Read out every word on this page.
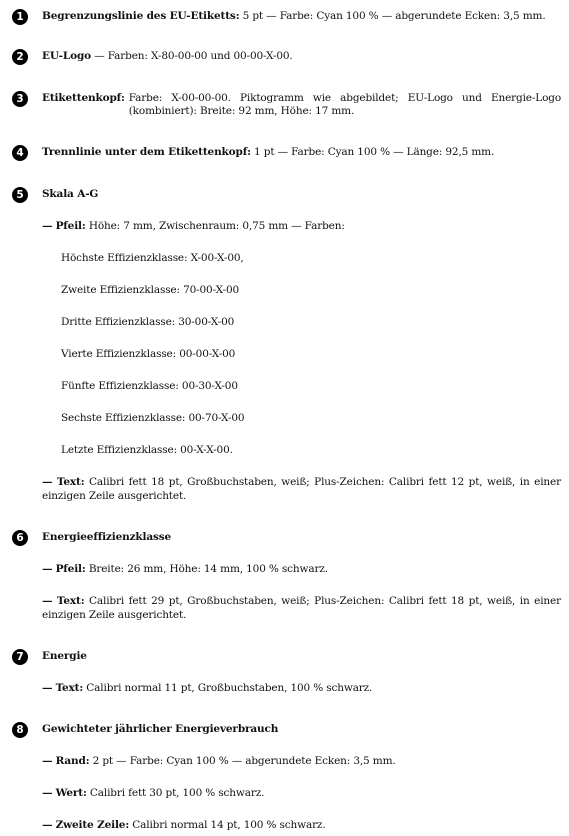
1	Begrenzungslinie des EU-Etiketts: 5 pt — Farbe: Cyan 100 % — abgerundete Ecken: 3,5 mm.
2	EU-Logo — Farben: X-80-00-00 und 00-00-X-00.
3	Etikettenkopf: Farbe: X-00-00-00. Piktogramm wie abgebildet; EU-Logo und Energie-Logo (kombiniert): Breite: 92 mm, Höhe: 17 mm.
4	Trennlinie unter dem Etikettenkopf: 1 pt — Farbe: Cyan 100 % — Länge: 92,5 mm.
5	Skala A-G
— Pfeil: Höhe: 7 mm, Zwischenraum: 0,75 mm — Farben:
Höchste Effizienzklasse: X-00-X-00,
Zweite Effizienzklasse: 70-00-X-00
Dritte Effizienzklasse: 30-00-X-00
Vierte Effizienzklasse: 00-00-X-00
Fünfte Effizienzklasse: 00-30-X-00
Sechste Effizienzklasse: 00-70-X-00
Letzte Effizienzklasse: 00-X-X-00.
— Text: Calibri fett 18 pt, Großbuchstaben, weiß; Plus-Zeichen: Calibri fett 12 pt, weiß, in einer einzigen Zeile ausgerichtet.
6	Energieeffizienzklasse
— Pfeil: Breite: 26 mm, Höhe: 14 mm, 100 % schwarz.
— Text: Calibri fett 29 pt, Großbuchstaben, weiß; Plus-Zeichen: Calibri fett 18 pt, weiß, in einer einzigen Zeile ausgerichtet.
7	Energie
— Text: Calibri normal 11 pt, Großbuchstaben, 100 % schwarz.
8	Gewichteter jährlicher Energieverbrauch
— Rand: 2 pt — Farbe: Cyan 100 % — abgerundete Ecken: 3,5 mm.
— Wert: Calibri fett 30 pt, 100 % schwarz.
— Zweite Zeile: Calibri normal 14 pt, 100 % schwarz.
